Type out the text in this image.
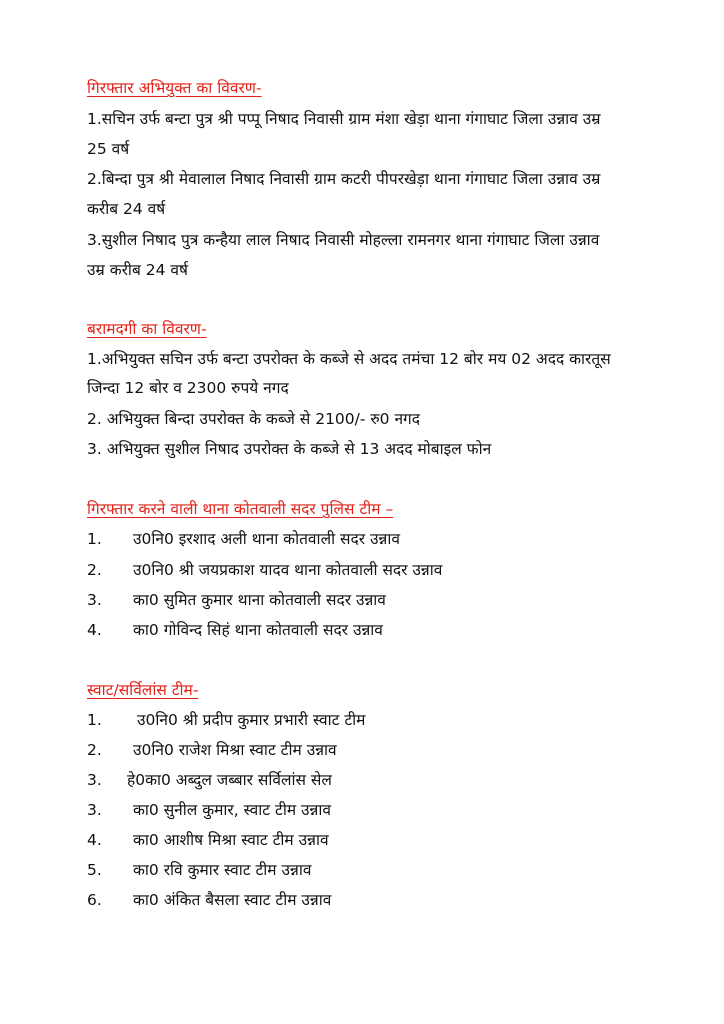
गिरफ्तार अभियुक्त का विवरण-
1.सचिन उर्फ बन्टा पुत्र श्री पप्पू निषाद निवासी ग्राम मंशा खेड़ा थाना गंगाघाट जिला उन्नाव उम्र
25 वर्ष
2.बिन्दा पुत्र श्री मेवालाल निषाद निवासी ग्राम कटरी पीपरखेड़ा थाना गंगाघाट जिला उन्नाव उम्र
करीब 24 वर्ष
3.सुशील निषाद पुत्र कन्हैया लाल निषाद निवासी मोहल्ला रामनगर थाना गंगाघाट जिला उन्नाव
उम्र करीब 24 वर्ष
बरामदगी का विवरण-
1.अभियुक्त सचिन उर्फ बन्टा उपरोक्त के कब्जे से अदद तमंचा 12 बोर मय 02 अदद कारतूस
जिन्दा 12 बोर व 2300 रुपये नगद
2. अभियुक्त बिन्दा उपरोक्त के कब्जे से 2100/- रु0 नगद
3. अभियुक्त सुशील निषाद उपरोक्त के कब्जे से 13 अदद मोबाइल फोन
गिरफ्तार करने वाली थाना कोतवाली सदर पुलिस टीम –
1. उ0नि0 इरशाद अली थाना कोतवाली सदर उन्नाव
2. उ0नि0 श्री जयप्रकाश यादव थाना कोतवाली सदर उन्नाव
3. का0 सुमित कुमार थाना कोतवाली सदर उन्नाव
4. का0 गोविन्द सिहं थाना कोतवाली सदर उन्नाव
स्वाट/सर्विलांस टीम-
1. उ0नि0 श्री प्रदीप कुमार प्रभारी स्वाट टीम
2. उ0नि0 राजेश मिश्रा स्वाट टीम उन्नाव
3. हे0का0 अब्दुल जब्बार सर्विलांस सेल
3. का0 सुनील कुमार, स्वाट टीम उन्नाव
4. का0 आशीष मिश्रा स्वाट टीम उन्नाव
5. का0 रवि कुमार स्वाट टीम उन्नाव
6. का0 अंकित बैसला स्वाट टीम उन्नाव
